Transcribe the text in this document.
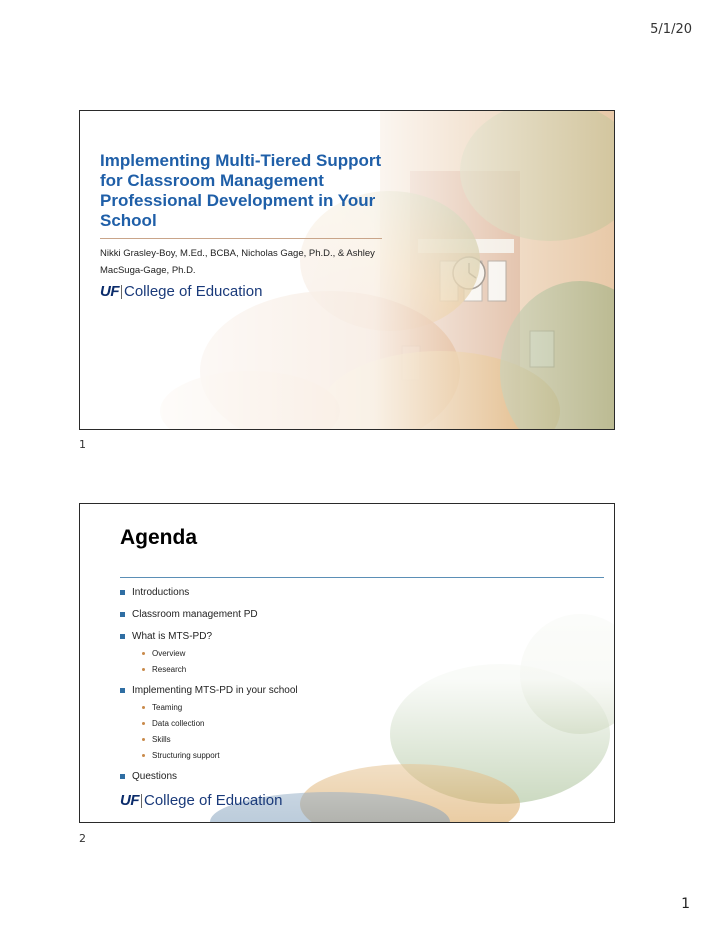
5/1/20
Implementing Multi-Tiered Support for Classroom Management Professional Development in Your School
Nikki Grasley-Boy, M.Ed., BCBA, Nicholas Gage, Ph.D., & Ashley MacSuga-Gage, Ph.D.
UF College of Education
1
Agenda
Introductions
Classroom management PD
What is MTS-PD?
Overview
Research
Implementing MTS-PD in your school
Teaming
Data collection
Skills
Structuring support
Questions
UF College of Education
2
1
